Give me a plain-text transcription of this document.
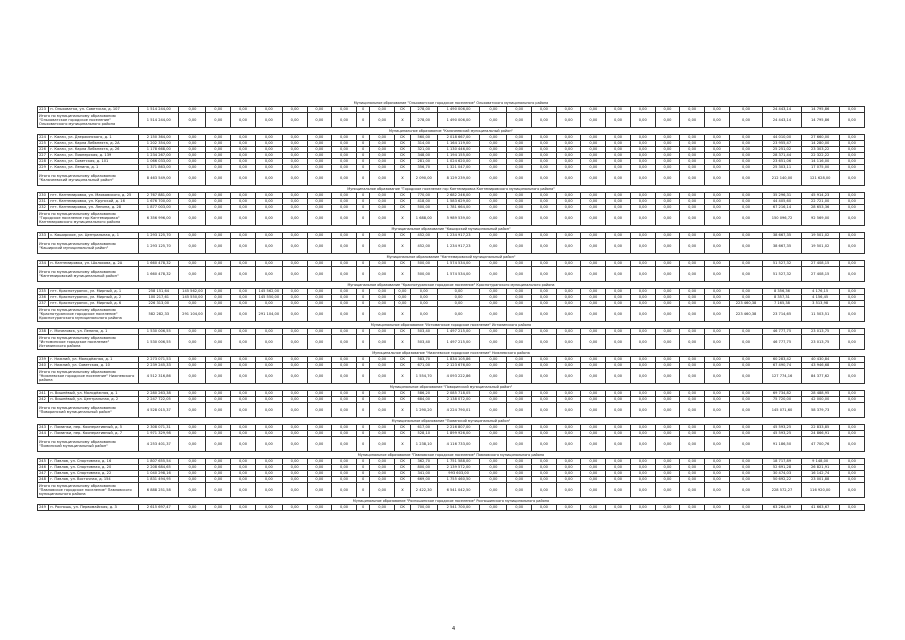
Муниципальное образование "Ольховатское городское поселение" Ольховатского муниципального района																												
223	п. Ольховатка, ул. Советская, д. 107	1 514 244,00	0,00	0,00	0,00	0,00	0,00	0,00	0,00	0	0,00	СК	278,00	1 490 006,00	0,00	0,00	0,00	0,00	0,00	0,00	0,00	0,00	0,00	0,00	0,00	24 443,14	14 795,86	0,00
Итого по муниципальному образованию "Ольховатское городское поселение" Ольховатского муниципального района		1 514 244,00	0,00	0,00	0,00	0,00	0,00	0,00	0,00	0	0,00	Х	278,00	1 490 006,00	0,00	0,00	0,00	0,00	0,00	0,00	0,00	0,00	0,00	0,00	0,00	24 443,14	14 795,86	0,00
Муниципальное образование "Калачеевский муниципальный район"																												
224	г. Калач, ул. Дзержинского, д. 1	2 150 364,00	0,00	0,00	0,00	0,00	0,00	0,00	0,00	0	0,00	СК	560,00	2 018 667,00	0,00	0,00	0,00	0,00	0,00	0,00	0,00	0,00	0,00	0,00	0,00	44 010,00	27 660,00	0,00
225	г. Калач, ул. Карла Либкнехта, д. 2А	1 202 354,00	0,00	0,00	0,00	0,00	0,00	0,00	0,00	0	0,00	СК	314,00	1 164 119,00	0,00	0,00	0,00	0,00	0,00	0,00	0,00	0,00	0,00	0,00	0,00	23 955,47	14 280,00	0,00
226	г. Калач, ул. Карла Либкнехта, д. 26	1 178 668,00	0,00	0,00	0,00	0,00	0,00	0,00	0,00	0	0,00	СК	321,00	1 130 446,00	0,00	0,00	0,00	0,00	0,00	0,00	0,00	0,00	0,00	0,00	0,00	25 251,02	23 303,22	0,00
227	г. Калач, ул. Пионерская, д. 139	1 234 267,00	0,00	0,00	0,00	0,00	0,00	0,00	0,00	0	0,00	СК	348,00	1 194 155,00	0,00	0,00	0,00	0,00	0,00	0,00	0,00	0,00	0,00	0,00	0,00	28 371,44	22 322,22	0,00
228	г. Калач, ул. Советская, д. 101	1 066 033,00	0,00	0,00	0,00	0,00	0,00	0,00	0,00	0	0,00	СК	281,00	1 024 620,00	0,00	0,00	0,00	0,00	0,00	0,00	0,00	0,00	0,00	0,00	0,00	23 651,06	14 116,00	0,00
229	г. Калач, ул. Ленина, д. 1	1 371 863,00	0,00	0,00	0,00	0,00	0,00	0,00	0,00	0	0,00	СК	356,70	1 321 047,00	0,00	0,00	0,00	0,00	0,00	0,00	0,00	0,00	0,00	0,00	0,00	25 303,11	17 075,00	0,00
Итого по муниципальному образованию "Калачеевский муниципальный район"		8 463 549,00	0,00	0,00	0,00	0,00	0,00	0,00	0,00	0	0,00	Х	2 090,00	8 129 239,00	0,00	0,00	0,00	0,00	0,00	0,00	0,00	0,00	0,00	0,00	0,00	212 140,00	121 628,00	0,00
Муниципальное образование "Городское поселение гор Кантемировка Кантемировского муниципального района"																												
230	пгт. Кантемировка, ул. Маяковского, д. 25	2 767 881,00	0,00	0,00	0,00	0,00	0,00	0,00	0,00	0	0,00	СК	770,00	2 682 246,00	0,00	0,00	0,00	0,00	0,00	0,00	0,00	0,00	0,00	0,00	0,00	35 296,31	45 914,23	0,00
231	пгт. Кантемировка, ул. Крупской, д. 16	1 676 700,00	0,00	0,00	0,00	0,00	0,00	0,00	0,00	0	0,00	СК	418,00	1 583 629,00	0,00	0,00	0,00	0,00	0,00	0,00	0,00	0,00	0,00	0,00	0,00	44 405,60	22 721,00	0,00
232	пгт. Кантемировка, ул. Ленина, д. 28	1 877 003,00	0,00	0,00	0,00	0,00	0,00	0,00	0,00	0	0,00	СК	500,00	1 781 664,00	0,00	0,00	0,00	0,00	0,00	0,00	0,00	0,00	0,00	0,00	0,00	67 216,14	28 653,36	0,00
Итого по муниципальному образованию "Городское поселение гор Кантемировка" Кантемировского муниципального района		6 356 996,00	0,00	0,00	0,00	0,00	0,00	0,00	0,00	0	0,00	Х	1 688,00	5 989 539,00	0,00	0,00	0,00	0,00	0,00	0,00	0,00	0,00	0,00	0,00	0,00	150 096,72	92 569,00	0,00
Муниципальное образование "Каширский муниципальный район"																												
233	с. Каширское, ул. Центральная, д. 1	1 293 125,70	0,00	0,00	0,00	0,00	0,00	0,00	0,00	0	0,00	СК	452,00	1 234 917,23	0,00	0,00	0,00	0,00	0,00	0,00	0,00	0,00	0,00	0,00	0,00	38 667,35	19 501,02	0,00
Итого по муниципальному образованию "Каширский муниципальный район"		1 293 125,70	0,00	0,00	0,00	0,00	0,00	0,00	0,00	0	0,00	Х	452,00	1 234 917,23	0,00	0,00	0,00	0,00	0,00	0,00	0,00	0,00	0,00	0,00	0,00	38 667,35	19 501,02	0,00
Муниципальное образование "Кантемировский муниципальный район"																												
234	п. Кантемировка, ул. Шолохова, д. 2А	1 660 478,32	0,00	0,00	0,00	0,00	0,00	0,00	0,00	0	0,00	СК	500,00	1 574 534,00	0,00	0,00	0,00	0,00	0,00	0,00	0,00	0,00	0,00	0,00	0,00	51 527,32	27 408,15	0,00
Итого по муниципальному образованию "Кантемировский муниципальный район"		1 660 478,32	0,00	0,00	0,00	0,00	0,00	0,00	0,00	0	0,00	Х	500,00	1 574 534,00	0,00	0,00	0,00	0,00	0,00	0,00	0,00	0,00	0,00	0,00	0,00	51 527,32	27 408,15	0,00
Муниципальное образование "Краснотуранское городское поселение" Краснотуранского муниципального района																												
235	пгт. Краснотуранск, ул. Мирный, д. 1	258 151,64	145 562,00	0,00	0,00	145 562,00	0,00	0,00	0,00	0	0,00	0,00	0,00	0,00	0,00	0,00	0,00	0,00	0,00	0,00	0,00	0,00	0,00	0,00	0,00	8 356,36	4 176,15	0,00
236	пгт. Краснотуранск, ул. Мирный, д. 2	100 217,61	145 550,00	0,00	0,00	145 550,00	0,00	0,00	0,00	0	0,00	0,00	0,00	0,00	0,00	0,00	0,00	0,00	0,00	0,00	0,00	0,00	0,00	0,00	0,00	8 357,31	4 156,45	0,00
237	пгт. Краснотуранск, ул. Мирный, д. 6	226 313,00	0,00	0,00	0,00	0,00	0,00	0,00	0,00	0	0,00	0,00	0,00	0,00	0,00	0,00	0,00	0,00	0,00	0,00	0,00	0,00	0,00	0,00	223 460,38	7 165,38	3 513,98	0,00
Итого по муниципальному образованию "Краснотуранское городское поселение" Краснотуранского муниципального района		582 282,33	291 104,00	0,00	0,00	291 104,00	0,00	0,00	0,00	0	0,00	Х	0,00	0,00	0,00	0,00	0,00	0,00	0,00	0,00	0,00	0,00	0,00	0,00	223 460,38	23 714,65	11 503,51	0,00
Муниципальное образование "Истоминское городское поселение" Истоминского района																												
238	г. Мичеловск, ул. Ленина, д. 1	1 530 006,55	0,00	0,00	0,00	0,00	0,00	0,00	0,00	0	0,00	СК	503,40	1 497 215,00	0,00	0,00	0,00	0,00	0,00	0,00	0,00	0,00	0,00	0,00	0,00	46 777,75	23 013,75	0,00
Итого по муниципальному образованию "Истоминское городское поселение" Истоминского района		1 530 006,55	0,00	0,00	0,00	0,00	0,00	0,00	0,00	0	0,00	Х	503,40	1 497 215,00	0,00	0,00	0,00	0,00	0,00	0,00	0,00	0,00	0,00	0,00	0,00	46 777,75	23 013,75	0,00
Муниципальное образование "Нижневское городское поселение" Нижневского района																												
239	г. Нижний, ул. Молодёжная, д. 1	2 273 071,53	0,00	0,00	0,00	0,00	0,00	0,00	0,00	0	0,00	СК	583,70	1 834 105,86	0,00	0,00	0,00	0,00	0,00	0,00	0,00	0,00	0,00	0,00	0,00	60 283,42	40 430,84	0,00
240	г. Нижний, ул. Советская, д. 10	2 239 245,33	0,00	0,00	0,00	0,00	0,00	0,00	0,00	0	0,00	СК	671,00	2 123 676,00	0,00	0,00	0,00	0,00	0,00	0,00	0,00	0,00	0,00	0,00	0,00	67 490,74	43 946,68	0,00
Итого по муниципальному образованию "Нижневское городское поселение" Нижневского района		4 512 316,86	0,00	0,00	0,00	0,00	0,00	0,00	0,00	0	0,00	Х	1 554,70	4 093 222,86	0,00	0,00	0,00	0,00	0,00	0,00	0,00	0,00	0,00	0,00	0,00	127 774,16	84 377,62	0,00
Муниципальное образование "Поворинский муниципальный район"																												
241	п. Вишнёвый, ул. Молодёжная, д. 1	2 280 263,38	0,00	0,00	0,00	0,00	0,00	0,00	0,00	0	0,00	СК	586,20	2 085 718,05	0,00	0,00	0,00	0,00	0,00	0,00	0,00	0,00	0,00	0,00	0,00	69 734,82	28 488,95	0,00
242	п. Вишнёвый, ул. Центральная, д. 2	2 247 722,05	0,00	0,00	0,00	0,00	0,00	0,00	0,00	0	0,00	СК	684,00	2 138 072,00	0,00	0,00	0,00	0,00	0,00	0,00	0,00	0,00	0,00	0,00	0,00	75 720,00	42 000,00	0,00
Итого по муниципальному образованию "Поворинский муниципальный район"		4 528 015,37	0,00	0,00	0,00	0,00	0,00	0,00	0,00	0	0,00	Х	1 290,20	4 224 790,01	0,00	0,00	0,00	0,00	0,00	0,00	0,00	0,00	0,00	0,00	0,00	145 071,60	58 379,73	0,00
Муниципальное образование "Поминский муниципальный район"																												
243	г. Поминки, пер. Кооперативный, д. 5	2 308 071,31	0,00	0,00	0,00	0,00	0,00	0,00	0,00	0	0,00	СК	617,00	2 216 807,00	0,00	0,00	0,00	0,00	0,00	0,00	0,00	0,00	0,00	0,00	0,00	45 593,25	22 833,85	0,00
244	г. Поминки, пер. Кооперативный, д. 7	1 971 329,98	0,00	0,00	0,00	0,00	0,00	0,00	0,00	0	0,00	СК	528,10	1 899 926,00	0,00	0,00	0,00	0,00	0,00	0,00	0,00	0,00	0,00	0,00	0,00	45 593,25	24 866,91	0,00
Итого по муниципальному образованию "Поминский муниципальный район"		4 253 401,37	0,00	0,00	0,00	0,00	0,00	0,00	0,00	0	0,00	Х	1 238,10	4 116 733,00	0,00	0,00	0,00	0,00	0,00	0,00	0,00	0,00	0,00	0,00	0,00	91 186,50	47 700,76	0,00
Муниципальное образование "Павловское городское поселение" Павловского муниципального района																												
245	г. Павлов, ул. Спортивная, д. 16	1 807 655,54	0,00	0,00	0,00	0,00	0,00	0,00	0,00	0	0,00	СК	362,70	1 751 588,00	0,00	0,00	0,00	0,00	0,00	0,00	0,00	0,00	0,00	0,00	0,00	18 717,89	9 148,00	0,00
246	г. Павлов, ул. Спортивная, д. 20	2 208 684,65	0,00	0,00	0,00	0,00	0,00	0,00	0,00	0	0,00	СК	800,00	2 139 572,00	0,00	0,00	0,00	0,00	0,00	0,00	0,00	0,00	0,00	0,00	0,00	52 691,28	26 821,91	0,00
247	г. Павлов, ул. Спортивная, д. 22	1 040 298,16	0,00	0,00	0,00	0,00	0,00	0,00	0,00	0	0,00	СК	341,00	993 603,00	0,00	0,00	0,00	0,00	0,00	0,00	0,00	0,00	0,00	0,00	0,00	30 474,03	16 142,74	0,00
248	г. Павлов, ул. Восточная, д. 154	1 831 494,95	0,00	0,00	0,00	0,00	0,00	0,00	0,00	0	0,00	СК	669,00	1 755 460,50	0,00	0,00	0,00	0,00	0,00	0,00	0,00	0,00	0,00	0,00	0,00	50 692,22	23 001,88	0,00
Итого по муниципальному образованию "Павловское городское поселение" Павловского муниципального района		6 888 251,58	0,00	0,00	0,00	0,00	0,00	0,00	0,00	0	0,00	Х	2 422,30	6 541 042,50	0,00	0,00	0,00	0,00	0,00	0,00	0,00	0,00	0,00	0,00	0,00	228 572,27	116 920,00	0,00
Муниципальное образование "Роспошинское городское поселение" Роспошинского муниципального района																												
249	п. Роспошь, ул. Первомайская, д. 3	2 615 697,47	0,00	0,00	0,00	0,00	0,00	0,00	0,00	0	0,00	СК	700,00	2 541 700,00	0,00	0,00	0,00	0,00	0,00	0,00	0,00	0,00	0,00	0,00	0,00	63 264,49	41 663,67	0,00
4
